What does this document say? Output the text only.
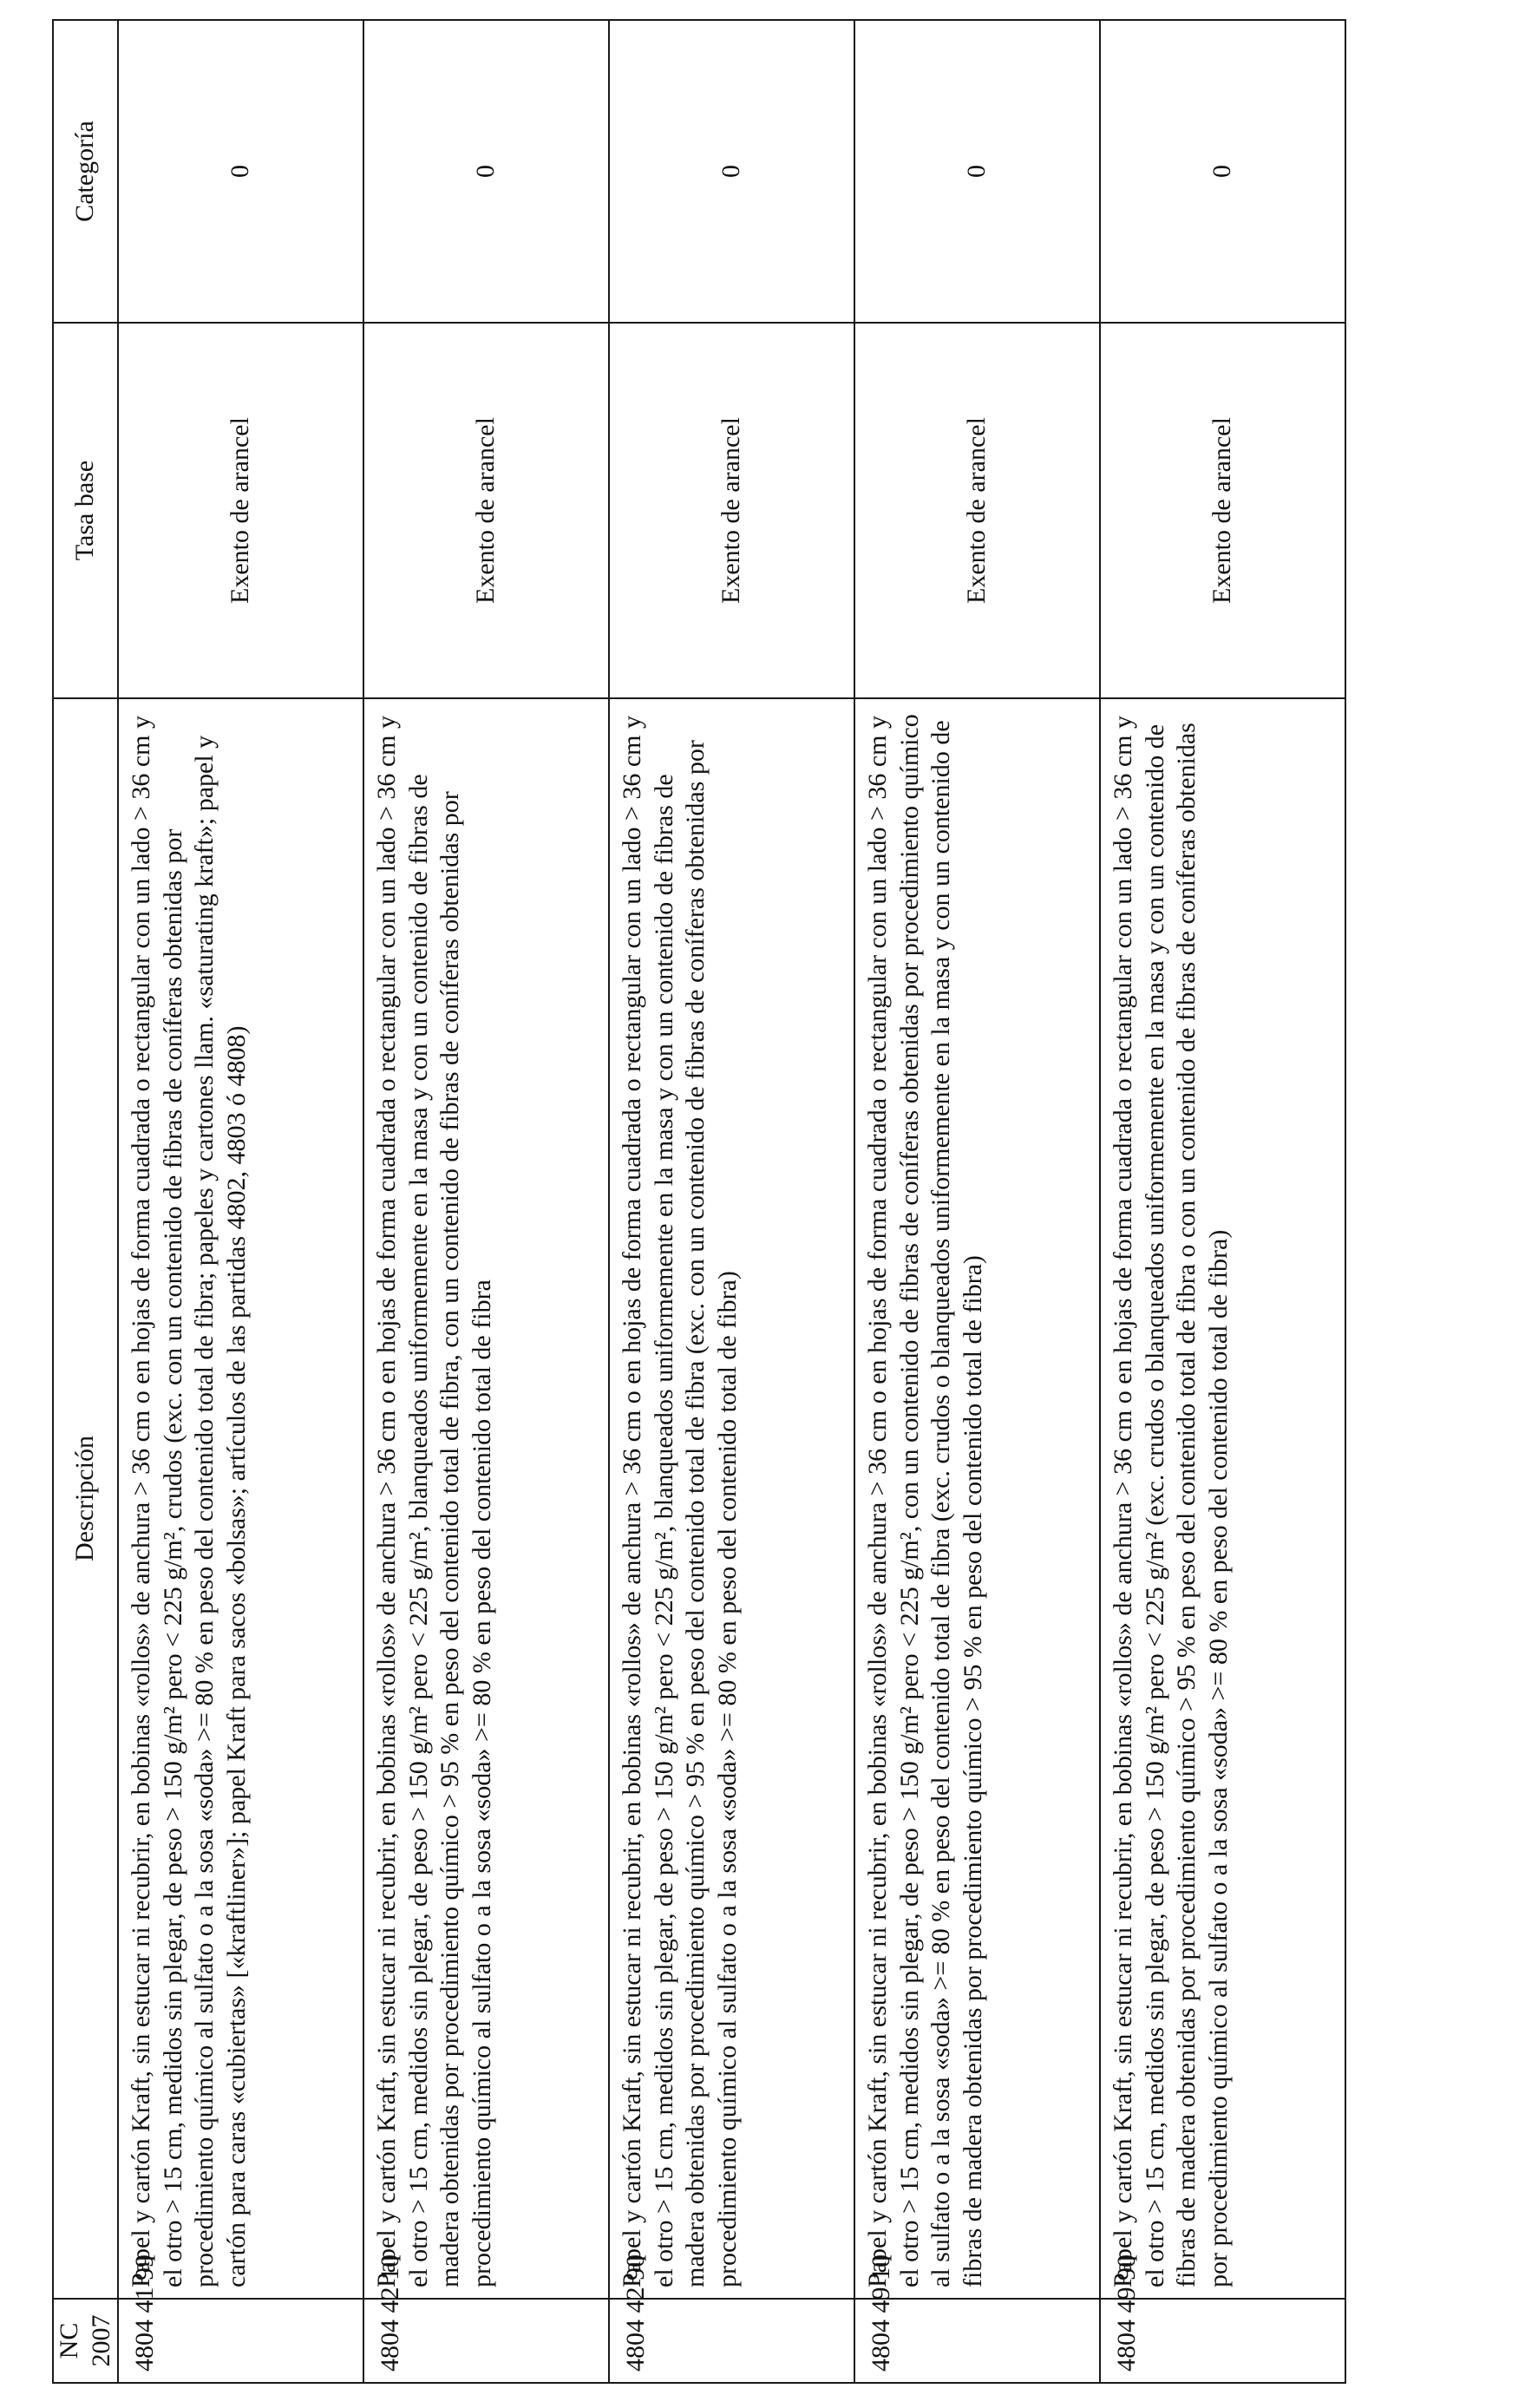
NC 2007	Descripción	Tasa base	Categoría
4804 41 99	Papel y cartón Kraft, sin estucar ni recubrir, en bobinas «rollos» de anchura > 36 cm o en hojas de forma cuadrada o rectangular con un lado > 36 cm y el otro > 15 cm, medidos sin plegar, de peso > 150 g/m² pero < 225 g/m², crudos (exc. con un contenido de fibras de coníferas obtenidas por procedimiento químico al sulfato o a la sosa «soda» >= 80 % en peso del contenido total de fibra; papeles y cartones llam. «saturating kraft»; papel y cartón para caras «cubiertas» [«kraftliner»]; papel Kraft para sacos «bolsas»; artículos de las partidas 4802, 4803 ó 4808)	Exento de arancel	0
4804 42 10	Papel y cartón Kraft, sin estucar ni recubrir, en bobinas «rollos» de anchura > 36 cm o en hojas de forma cuadrada o rectangular con un lado > 36 cm y el otro > 15 cm, medidos sin plegar, de peso > 150 g/m² pero < 225 g/m², blanqueados uniformemente en la masa y con un contenido de fibras de madera obtenidas por procedimiento químico > 95 % en peso del contenido total de fibra, con un contenido de fibras de coníferas obtenidas por procedimiento químico al sulfato o a la sosa «soda» >= 80 % en peso del contenido total de fibra	Exento de arancel	0
4804 42 90	Papel y cartón Kraft, sin estucar ni recubrir, en bobinas «rollos» de anchura > 36 cm o en hojas de forma cuadrada o rectangular con un lado > 36 cm y el otro > 15 cm, medidos sin plegar, de peso > 150 g/m² pero < 225 g/m², blanqueados uniformemente en la masa y con un contenido de fibras de madera obtenidas por procedimiento químico > 95 % en peso del contenido total de fibra (exc. con un contenido de fibras de coníferas obtenidas por procedimiento químico al sulfato o a la sosa «soda» >= 80 % en peso del contenido total de fibra)	Exento de arancel	0
4804 49 10	Papel y cartón Kraft, sin estucar ni recubrir, en bobinas «rollos» de anchura > 36 cm o en hojas de forma cuadrada o rectangular con un lado > 36 cm y el otro > 15 cm, medidos sin plegar, de peso > 150 g/m² pero < 225 g/m², con un contenido de fibras de coníferas obtenidas por procedimiento químico al sulfato o a la sosa «soda» >= 80 % en peso del contenido total de fibra (exc. crudos o blanqueados uniformemente en la masa y con un contenido de fibras de madera obtenidas por procedimiento químico > 95 % en peso del contenido total de fibra)	Exento de arancel	0
4804 49 90	Papel y cartón Kraft, sin estucar ni recubrir, en bobinas «rollos» de anchura > 36 cm o en hojas de forma cuadrada o rectangular con un lado > 36 cm y el otro > 15 cm, medidos sin plegar, de peso > 150 g/m² pero < 225 g/m² (exc. crudos o blanqueados uniformemente en la masa y con un contenido de fibras de madera obtenidas por procedimiento químico > 95 % en peso del contenido total de fibra o con un contenido de fibras de coníferas obtenidas por procedimiento químico al sulfato o a la sosa «soda» >= 80 % en peso del contenido total de fibra)	Exento de arancel	0
